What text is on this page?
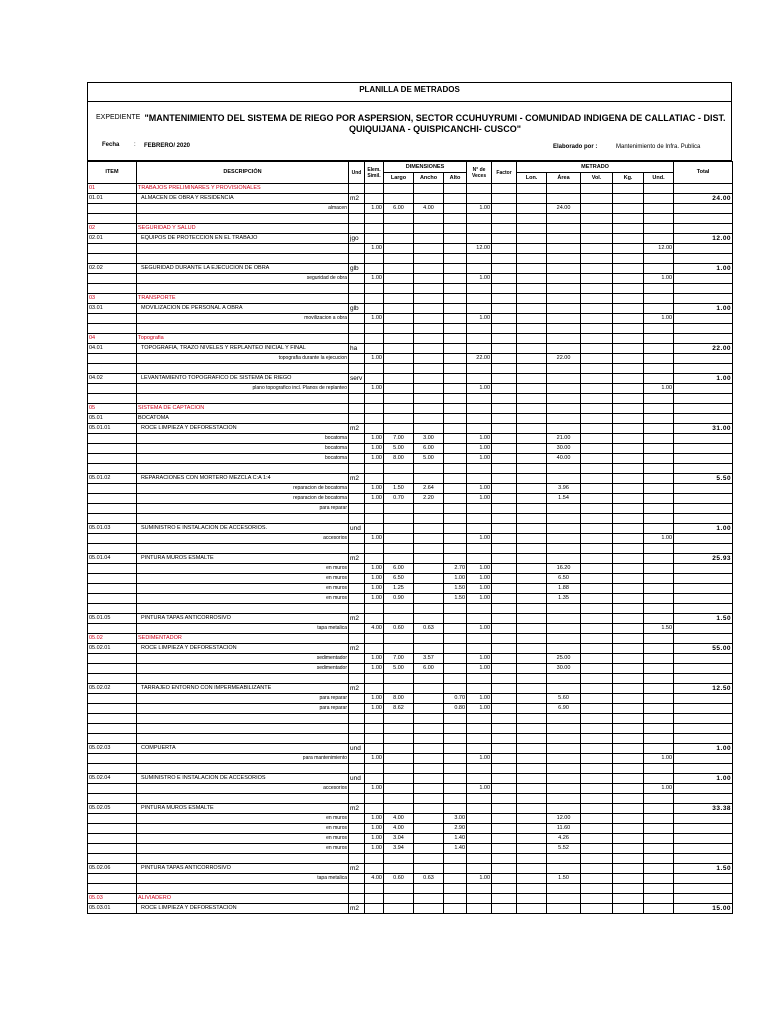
PLANILLA DE METRADOS
EXPEDIENTE "MANTENIMIENTO DEL SISTEMA DE RIEGO POR ASPERSION, SECTOR CCUHUYRUMI - COMUNIDAD INDIGENA DE CALLATIAC - DIST. QUIQUIJANA - QUISPICANCHI- CUSCO"
Fecha : FEBRERO/ 2020	Elaborado por :	Mantenimiento de Infra. Publica
ITEM	DESCRIPCIÓN	Und	Elem. Simil.	DIMENSIONES			N° de Veces	Factor	METRADO					Total
				Largo	Ancho	Alto			Lon.	Área	Vol.	Kg.	Und.	
01	TRABAJOS PRELIMINARES Y PROVISIONALES													
01.01	ALMACEN DE OBRA Y RESIDENCIA	m2												24.00
	almacen		1.00	6.00	4.00		1.00			24.00				

02	SEGURIDAD Y SALUD													
02.01	EQUIPOS DE PROTECCION EN EL TRABAJO	jgo												12.00
			1.00				12.00						12.00	

02.02	SEGURIDAD DURANTE LA EJECUCION DE OBRA	glb												1.00
	seguridad de obra		1.00				1.00						1.00	

03	TRANSPORTE													
03.01	MOVILIZACION DE PERSONAL A OBRA	glb												1.00
	movilizacion a obra		1.00				1.00						1.00	

04	Topografia													
04.01	TOPOGRAFIA, TRAZO NIVELES Y REPLANTEO INICIAL Y FINAL	ha												22.00
	topografia durante la ejecucion		1.00				22.00			22.00				

04.02	LEVANTAMIENTO TOPOGRAFICO DE SISTEMA DE RIEGO	serv												1.00
	plano topografico incl. Planos de replanteo		1.00				1.00						1.00	

05	SISTEMA DE CAPTACION													
05.01	BOCATOMA													
05.01.01	ROCE LIMPIEZA Y DEFORESTACION	m2												31.00
	bocatoma		1.00	7.00	3.00		1.00			21.00				
	bocatoma		1.00	5.00	6.00		1.00			30.00				
	bocatoma		1.00	8.00	5.00		1.00			40.00				

05.01.02	REPARACIONES CON MORTERO MEZCLA C:A 1:4	m2												5.50
	reparacion de bocatoma		1.00	1.50	2.64		1.00			3.96				
	reparacion de bocatoma		1.00	0.70	2.20		1.00			1.54				
	para reparar													

05.01.03	SUMINISTRO E INSTALACION DE ACCESORIOS.	und												1.00
	accesorios		1.00				1.00						1.00	

05.01.04	PINTURA MUROS ESMALTE	m2												25.93
	en muros		1.00	6.00		2.70	1.00			16.20				
	en muros		1.00	6.50		1.00	1.00			6.50				
	en muros		1.00	1.25		1.50	1.00			1.88				
	en muros		1.00	0.90		1.50	1.00			1.35				

05.01.05	PINTURA TAPAS ANTICORROSIVO	m2												1.50
	tapa metalica		4.00	0.60	0.63		1.00						1.50	
05.02	SEDIMENTADOR													
05.02.01	ROCE LIMPIEZA Y DEFORESTACION	m2												55.00
	sedimentador		1.00	7.00	3.57		1.00			25.00				
	sedimentador		1.00	5.00	6.00		1.00			30.00				

05.02.02	TARRAJEO ENTORNO CON IMPERMEABILIZANTE	m2												12.50
	para reparar		1.00	8.00		0.70	1.00			5.60				
	para reparar		1.00	8.62		0.80	1.00			6.90				

05.02.03	COMPUERTA	und												1.00
	para mantenimiento		1.00				1.00						1.00	

05.02.04	SUMINISTRO E INSTALACION DE ACCESORIOS	und												1.00
	accesorios		1.00				1.00						1.00	

05.02.05	PINTURA MUROS ESMALTE	m2												33.38
	en muros		1.00	4.00		3.00				12.00				
	en muros		1.00	4.00		2.90				11.60				
	en muros		1.00	3.04		1.40				4.26				
	en muros		1.00	3.94		1.40				5.52				

05.02.06	PINTURA TAPAS ANTICORROSIVO	m2												1.50
	tapa metalica		4.00	0.60	0.63		1.00			1.50				

05.03	ALIVIADERO													
05.03.01	ROCE LIMPIEZA Y DEFORESTACION	m2												15.00
